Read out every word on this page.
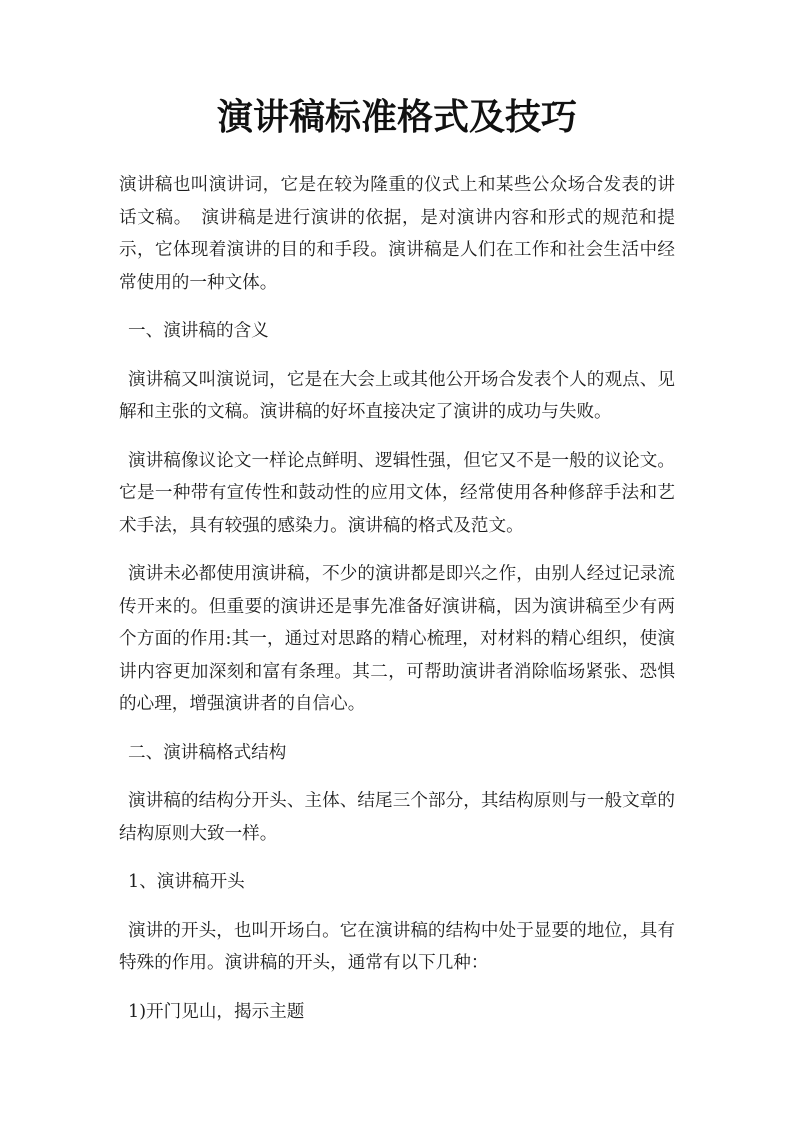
演讲稿标准格式及技巧

演讲稿也叫演讲词，它是在较为隆重的仪式上和某些公众场合发表的讲话文稿。　演讲稿是进行演讲的依据，是对演讲内容和形式的规范和提示，它体现着演讲的目的和手段。演讲稿是人们在工作和社会生活中经常使用的一种文体。

一、演讲稿的含义

演讲稿又叫演说词，它是在大会上或其他公开场合发表个人的观点、见解和主张的文稿。演讲稿的好坏直接决定了演讲的成功与失败。

演讲稿像议论文一样论点鲜明、逻辑性强，但它又不是一般的议论文。它是一种带有宣传性和鼓动性的应用文体，经常使用各种修辞手法和艺术手法，具有较强的感染力。演讲稿的格式及范文。

演讲未必都使用演讲稿，不少的演讲都是即兴之作，由别人经过记录流传开来的。但重要的演讲还是事先准备好演讲稿，因为演讲稿至少有两个方面的作用:其一，通过对思路的精心梳理，对材料的精心组织，使演讲内容更加深刻和富有条理。其二，可帮助演讲者消除临场紧张、恐惧的心理，增强演讲者的自信心。

二、演讲稿格式结构

演讲稿的结构分开头、主体、结尾三个部分，其结构原则与一般文章的结构原则大致一样。

1、演讲稿开头

演讲的开头，也叫开场白。它在演讲稿的结构中处于显要的地位，具有特殊的作用。演讲稿的开头，通常有以下几种：

1)开门见山，揭示主题
